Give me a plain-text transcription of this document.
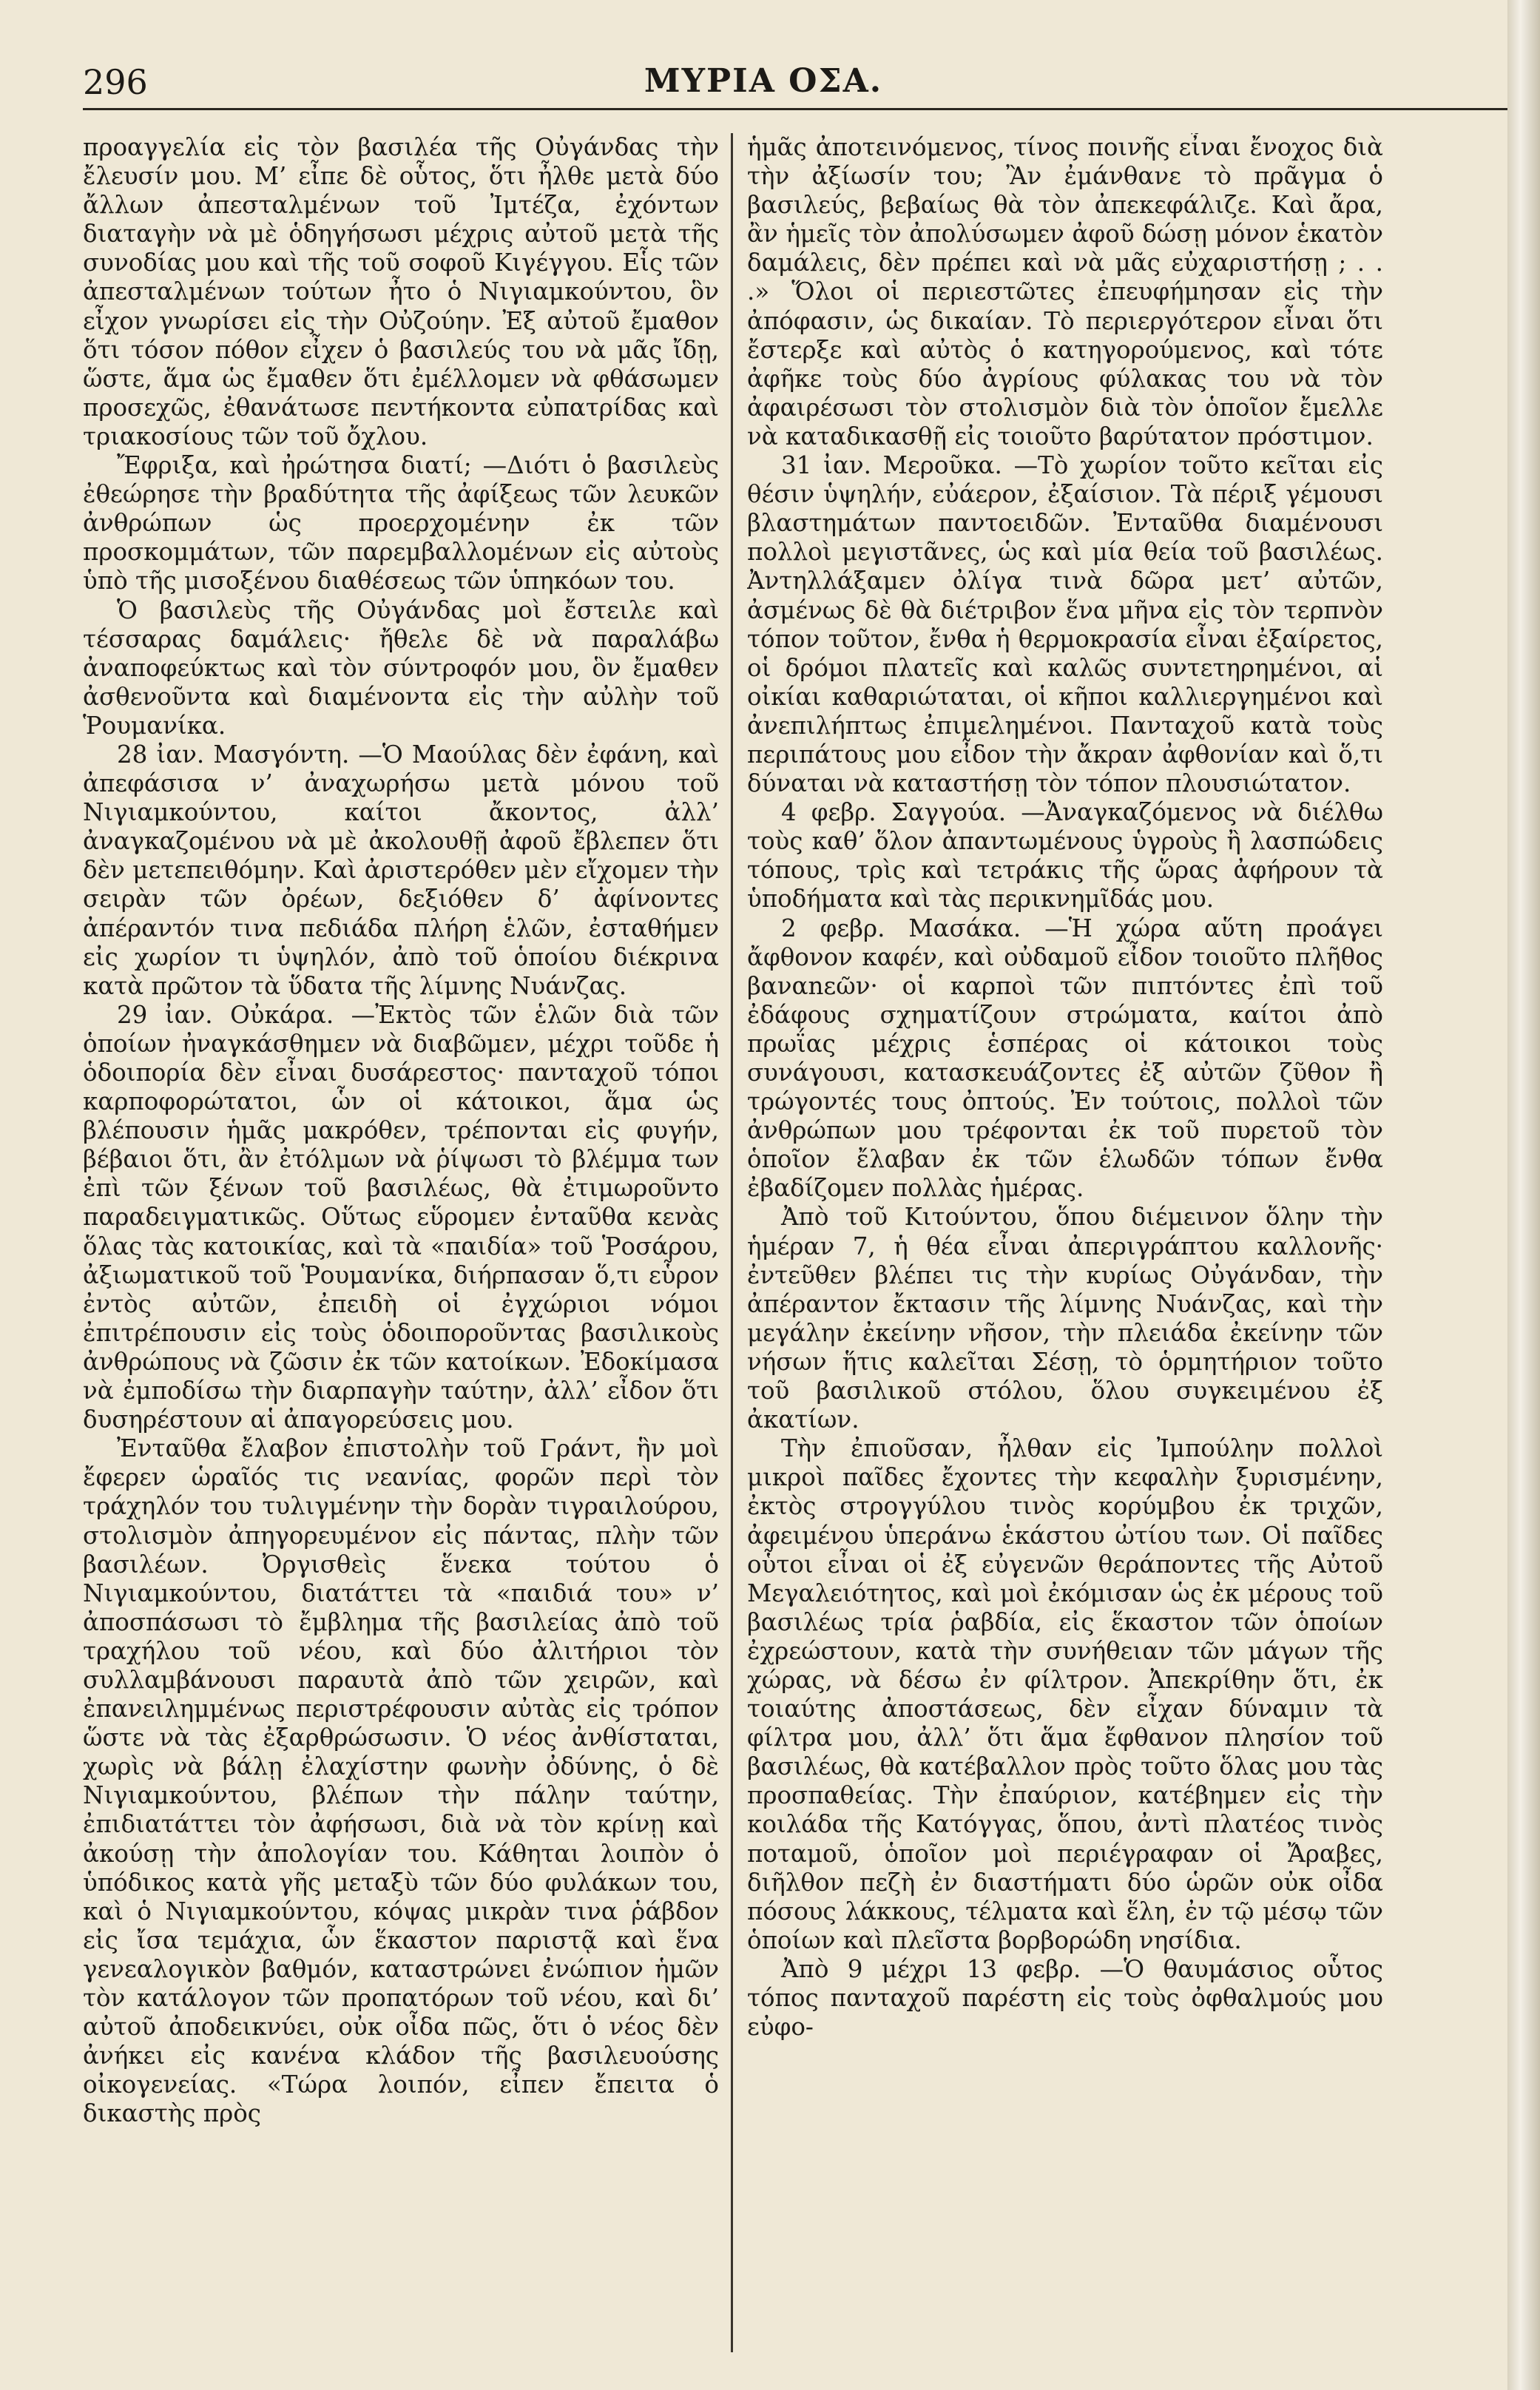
296	ΜΥΡΙΑ ΟΣΑ.

προαγγελία εἰς τὸν βασιλέα τῆς Οὐγάνδας τὴν ἔλευσίν μου. Μ’ εἶπε δὲ οὗτος, ὅτι ἦλθε μετὰ δύο ἄλλων ἀπεσταλμένων τοῦ Ἰμτέζα, ἐχόντων διαταγὴν νὰ μὲ ὁδηγήσωσι μέχρις αὐτοῦ μετὰ τῆς συνοδίας μου καὶ τῆς τοῦ σοφοῦ Κιγέγγου. Εἷς τῶν ἀπεσταλμένων τούτων ἦτο ὁ Νιγιαμκούντου, ὃν εἶχον γνωρίσει εἰς τὴν Οὐζούην. Ἐξ αὐτοῦ ἔμαθον ὅτι τόσον πόθον εἶχεν ὁ βασιλεύς του νὰ μᾶς ἴδῃ, ὥστε, ἅμα ὡς ἔμαθεν ὅτι ἐμέλλομεν νὰ φθάσωμεν προσεχῶς, ἐθανάτωσε πεντήκοντα εὐπατρίδας καὶ τριακοσίους τῶν τοῦ ὄχλου.

Ἔφριξα, καὶ ἠρώτησα διατί; —Διότι ὁ βασιλεὺς ἐθεώρησε τὴν βραδύτητα τῆς ἀφίξεως τῶν λευκῶν ἀνθρώπων ὡς προερχομένην ἐκ τῶν προσκομμάτων, τῶν παρεμβαλλομένων εἰς αὐτοὺς ὑπὸ τῆς μισοξένου διαθέσεως τῶν ὑπηκόων του.

Ὁ βασιλεὺς τῆς Οὐγάνδας μοὶ ἔστειλε καὶ τέσσαρας δαμάλεις· ἤθελε δὲ νὰ παραλάβω ἀναποφεύκτως καὶ τὸν σύντροφόν μου, ὃν ἔμαθεν ἀσθενοῦντα καὶ διαμένοντα εἰς τὴν αὐλὴν τοῦ Ῥουμανίκα.

28 ἰαν. Μασγόντη. —Ὁ Μαούλας δὲν ἐφάνη, καὶ ἀπεφάσισα ν’ ἀναχωρήσω μετὰ μόνου τοῦ Νιγιαμκούντου, καίτοι ἄκοντος, ἀλλ’ ἀναγκαζομένου νὰ μὲ ἀκολουθῇ ἀφοῦ ἔβλεπεν ὅτι δὲν μετεπειθόμην. Καὶ ἀριστερόθεν μὲν εἴχομεν τὴν σειρὰν τῶν ὀρέων, δεξιόθεν δ’ ἀφίνοντες ἀπέραντόν τινα πεδιάδα πλήρη ἑλῶν, ἐσταθήμεν εἰς χωρίον τι ὑψηλόν, ἀπὸ τοῦ ὁποίου διέκρινα κατὰ πρῶτον τὰ ὕδατα τῆς λίμνης Νυάνζας.

29 ἰαν. Οὐκάρα. —Ἐκτὸς τῶν ἑλῶν διὰ τῶν ὁποίων ἠναγκάσθημεν νὰ διαβῶμεν, μέχρι τοῦδε ἡ ὁδοιπορία δὲν εἶναι δυσάρεστος· πανταχοῦ τόποι καρποφορώτατοι, ὧν οἱ κάτοικοι, ἅμα ὡς βλέπουσιν ἡμᾶς μακρόθεν, τρέπονται εἰς φυγήν, βέβαιοι ὅτι, ἂν ἐτόλμων νὰ ῥίψωσι τὸ βλέμμα των ἐπὶ τῶν ξένων τοῦ βασιλέως, θὰ ἐτιμωροῦντο παραδειγματικῶς. Οὕτως εὕρομεν ἐνταῦθα κενὰς ὅλας τὰς κατοικίας, καὶ τὰ «παιδία» τοῦ Ῥοσάρου, ἀξιωματικοῦ τοῦ Ῥουμανίκα, διήρπασαν ὅ,τι εὗρον ἐντὸς αὐτῶν, ἐπειδὴ οἱ ἐγχώριοι νόμοι ἐπιτρέπουσιν εἰς τοὺς ὁδοιποροῦντας βασιλικοὺς ἀνθρώπους νὰ ζῶσιν ἐκ τῶν κατοίκων. Ἐδοκίμασα νὰ ἐμποδίσω τὴν διαρπαγὴν ταύτην, ἀλλ’ εἶδον ὅτι δυσηρέστουν αἱ ἀπαγορεύσεις μου.

Ἐνταῦθα ἔλαβον ἐπιστολὴν τοῦ Γράντ, ἣν μοὶ ἔφερεν ὡραῖός τις νεανίας, φορῶν περὶ τὸν τράχηλόν του τυλιγμένην τὴν δορὰν τιγραιλούρου, στολισμὸν ἀπηγορευμένον εἰς πάντας, πλὴν τῶν βασιλέων. Ὀργισθεὶς ἕνεκα τούτου ὁ Νιγιαμκούντου, διατάττει τὰ «παιδιά του» ν’ ἀποσπάσωσι τὸ ἔμβλημα τῆς βασιλείας ἀπὸ τοῦ τραχήλου τοῦ νέου, καὶ δύο ἀλιτήριοι τὸν συλλαμβάνουσι παραυτὰ ἀπὸ τῶν χειρῶν, καὶ ἐπανειλημμένως περιστρέφουσιν αὐτὰς εἰς τρόπον ὥστε νὰ τὰς ἐξαρθρώσωσιν. Ὁ νέος ἀνθίσταται, χωρὶς νὰ βάλῃ ἐλαχίστην φωνὴν ὀδύνης, ὁ δὲ Νιγιαμκούντου, βλέπων τὴν πάλην ταύτην, ἐπιδιατάττει τὸν ἀφήσωσι, διὰ νὰ τὸν κρίνῃ καὶ ἀκούσῃ τὴν ἀπολογίαν του. Κάθηται λοιπὸν ὁ ὑπόδικος κατὰ γῆς μεταξὺ τῶν δύο φυλάκων του, καὶ ὁ Νιγιαμκούντου, κόψας μικρὰν τινα ῥάβδον εἰς ἴσα τεμάχια, ὧν ἕκαστον παριστᾷ καὶ ἕνα γενεαλογικὸν βαθμόν, καταστρώνει ἐνώπιον ἡμῶν τὸν κατάλογον τῶν προπατόρων τοῦ νέου, καὶ δι’ αὐτοῦ ἀποδεικνύει, οὐκ οἶδα πῶς, ὅτι ὁ νέος δὲν ἀνήκει εἰς κανένα κλάδον τῆς βασιλευούσης οἰκογενείας. «Τώρα λοιπόν, εἶπεν ἔπειτα ὁ δικαστὴς πρὸς

ἡμᾶς ἀποτεινόμενος, τίνος ποινῆς εἶναι ἔνοχος διὰ τὴν ἀξίωσίν του; Ἂν ἐμάνθανε τὸ πρᾶγμα ὁ βασιλεύς, βεβαίως θὰ τὸν ἀπεκεφάλιζε. Καὶ ἄρα, ἂν ἡμεῖς τὸν ἀπολύσωμεν ἀφοῦ δώσῃ μόνον ἑκατὸν δαμάλεις, δὲν πρέπει καὶ νὰ μᾶς εὐχαριστήσῃ ; . . .» Ὅλοι οἱ περιεστῶτες ἐπευφήμησαν εἰς τὴν ἀπόφασιν, ὡς δικαίαν. Τὸ περιεργότερον εἶναι ὅτι ἔστερξε καὶ αὐτὸς ὁ κατηγορούμενος, καὶ τότε ἀφῆκε τοὺς δύο ἀγρίους φύλακας του νὰ τὸν ἀφαιρέσωσι τὸν στολισμὸν διὰ τὸν ὁποῖον ἔμελλε νὰ καταδικασθῇ εἰς τοιοῦτο βαρύτατον πρόστιμον.

31 ἰαν. Μεροῦκα. —Τὸ χωρίον τοῦτο κεῖται εἰς θέσιν ὑψηλήν, εὐάερον, ἐξαίσιον. Τὰ πέριξ γέμουσι βλαστημάτων παντοειδῶν. Ἐνταῦθα διαμένουσι πολλοὶ μεγιστᾶνες, ὡς καὶ μία θεία τοῦ βασιλέως. Ἀντηλλάξαμεν ὀλίγα τινὰ δῶρα μετ’ αὐτῶν, ἀσμένως δὲ θὰ διέτριβον ἕνα μῆνα εἰς τὸν τερπνὸν τόπον τοῦτον, ἔνθα ἡ θερμοκρασία εἶναι ἐξαίρετος, οἱ δρόμοι πλατεῖς καὶ καλῶς συντετηρημένοι, αἱ οἰκίαι καθαριώταται, οἱ κῆποι καλλιεργημένοι καὶ ἀνεπιλήπτως ἐπιμελημένοι. Πανταχοῦ κατὰ τοὺς περιπάτους μου εἶδον τὴν ἄκραν ἀφθονίαν καὶ ὅ,τι δύναται νὰ καταστήσῃ τὸν τόπον πλουσιώτατον.

4 φεβρ. Σαγγούα. —Ἀναγκαζόμενος νὰ διέλθω τοὺς καθ’ ὅλον ἀπαντωμένους ὑγροὺς ἢ λασπώδεις τόπους, τρὶς καὶ τετράκις τῆς ὥρας ἀφήρουν τὰ ὑποδήματα καὶ τὰς περικνημῖδάς μου.

2 φεβρ. Μασάκα. —Ἡ χώρα αὕτη προάγει ἄφθονον καφέν, καὶ οὐδαμοῦ εἶδον τοιοῦτο πλῆθος βαναnεῶν· οἱ καρποὶ τῶν πιπτόντες ἐπὶ τοῦ ἐδάφους σχηματίζουν στρώματα, καίτοι ἀπὸ πρωΐας μέχρις ἑσπέρας οἱ κάτοικοι τοὺς συνάγουσι, κατασκευάζοντες ἐξ αὐτῶν ζῦθον ἢ τρώγοντές τους ὀπτούς. Ἐν τούτοις, πολλοὶ τῶν ἀνθρώπων μου τρέφονται ἐκ τοῦ πυρετοῦ τὸν ὁποῖον ἔλαβαν ἐκ τῶν ἑλωδῶν τόπων ἔνθα ἐβαδίζομεν πολλὰς ἡμέρας.

Ἀπὸ τοῦ Κιτούντου, ὅπου διέμεινον ὅλην τὴν ἡμέραν 7, ἡ θέα εἶναι ἀπεριγράπτου καλλονῆς· ἐντεῦθεν βλέπει τις τὴν κυρίως Οὐγάνδαν, τὴν ἀπέραντον ἔκτασιν τῆς λίμνης Νυάνζας, καὶ τὴν μεγάλην ἐκείνην νῆσον, τὴν πλειάδα ἐκείνην τῶν νήσων ἥτις καλεῖται Σέσῃ, τὸ ὁρμητήριον τοῦτο τοῦ βασιλικοῦ στόλου, ὅλου συγκειμένου ἐξ ἀκατίων.

Τὴν ἐπιοῦσαν, ἦλθαν εἰς Ἰμπούλην πολλοὶ μικροὶ παῖδες ἔχοντες τὴν κεφαλὴν ξυρισμένην, ἐκτὸς στρογγύλου τινὸς κορύμβου ἐκ τριχῶν, ἀφειμένου ὑπεράνω ἑκάστου ὠτίου των. Οἱ παῖδες οὗτοι εἶναι οἱ ἐξ εὐγενῶν θεράποντες τῆς Αὐτοῦ Μεγαλειότητος, καὶ μοὶ ἐκόμισαν ὡς ἐκ μέρους τοῦ βασιλέως τρία ῥαβδία, εἰς ἕκαστον τῶν ὁποίων ἐχρεώστουν, κατὰ τὴν συνήθειαν τῶν μάγων τῆς χώρας, νὰ δέσω ἐν φίλτρον. Ἀπεκρίθην ὅτι, ἐκ τοιαύτης ἀποστάσεως, δὲν εἶχαν δύναμιν τὰ φίλτρα μου, ἀλλ’ ὅτι ἅμα ἔφθανον πλησίον τοῦ βασιλέως, θὰ κατέβαλλον πρὸς τοῦτο ὅλας μου τὰς προσπαθείας. Τὴν ἐπαύριον, κατέβημεν εἰς τὴν κοιλάδα τῆς Κατόγγας, ὅπου, ἀντὶ πλατέος τινὸς ποταμοῦ, ὁποῖον μοὶ περιέγραφαν οἱ Ἄραβες, διῆλθον πεζὴ ἐν διαστήματι δύο ὡρῶν οὐκ οἶδα πόσους λάκκους, τέλματα καὶ ἕλη, ἐν τῷ μέσῳ τῶν ὁποίων καὶ πλεῖστα βορβορώδη νησίδια.

Ἀπὸ 9 μέχρι 13 φεβρ. —Ὁ θαυμάσιος οὗτος τόπος πανταχοῦ παρέστη εἰς τοὺς ὀφθαλμούς μου εὐφο-
